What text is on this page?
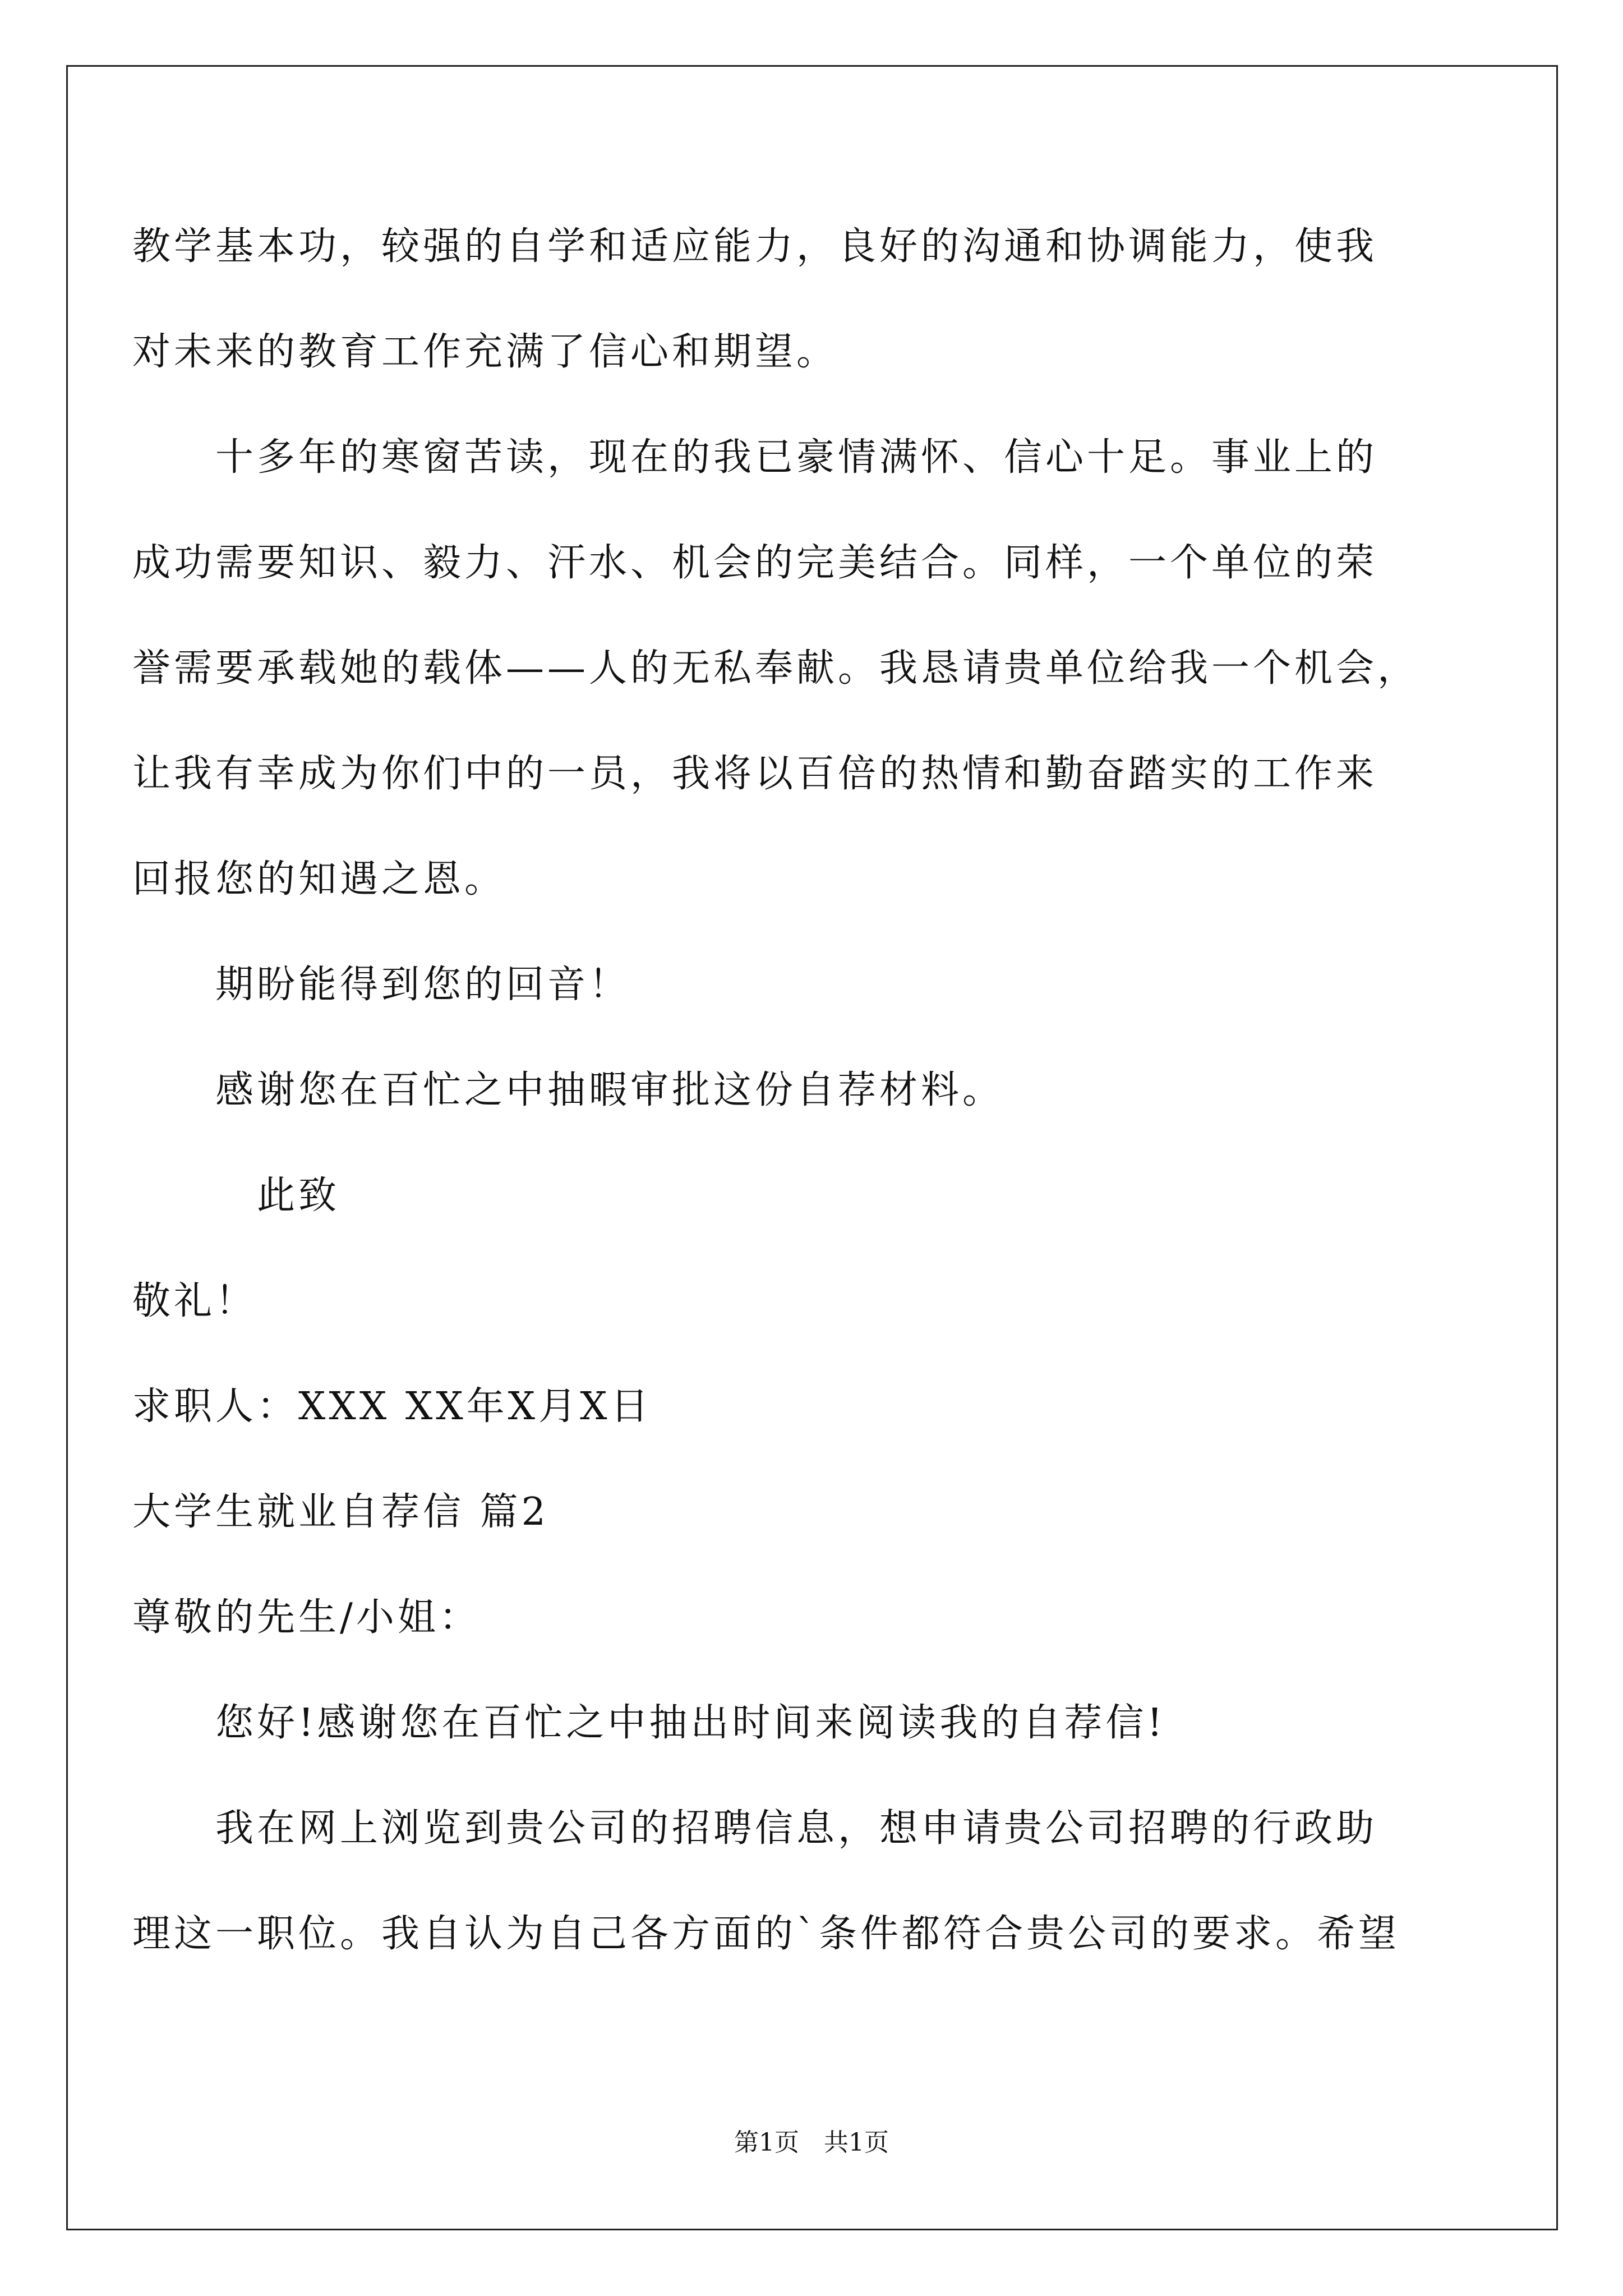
教学基本功，较强的自学和适应能力，良好的沟通和协调能力，使我
对未来的教育工作充满了信心和期望。
　　十多年的寒窗苦读，现在的我已豪情满怀、信心十足。事业上的
成功需要知识、毅力、汗水、机会的完美结合。同样，一个单位的荣
誉需要承载她的载体——人的无私奉献。我恳请贵单位给我一个机会，
让我有幸成为你们中的一员，我将以百倍的热情和勤奋踏实的工作来
回报您的知遇之恩。
　　期盼能得到您的回音！
　　感谢您在百忙之中抽暇审批这份自荐材料。
　　　此致
敬礼！
求职人：XXX XX年X月X日
大学生就业自荐信 篇2
尊敬的先生/小姐：
　　您好!感谢您在百忙之中抽出时间来阅读我的自荐信!
　　我在网上浏览到贵公司的招聘信息，想申请贵公司招聘的行政助
理这一职位。我自认为自己各方面的`条件都符合贵公司的要求。希望
第1页　共1页
